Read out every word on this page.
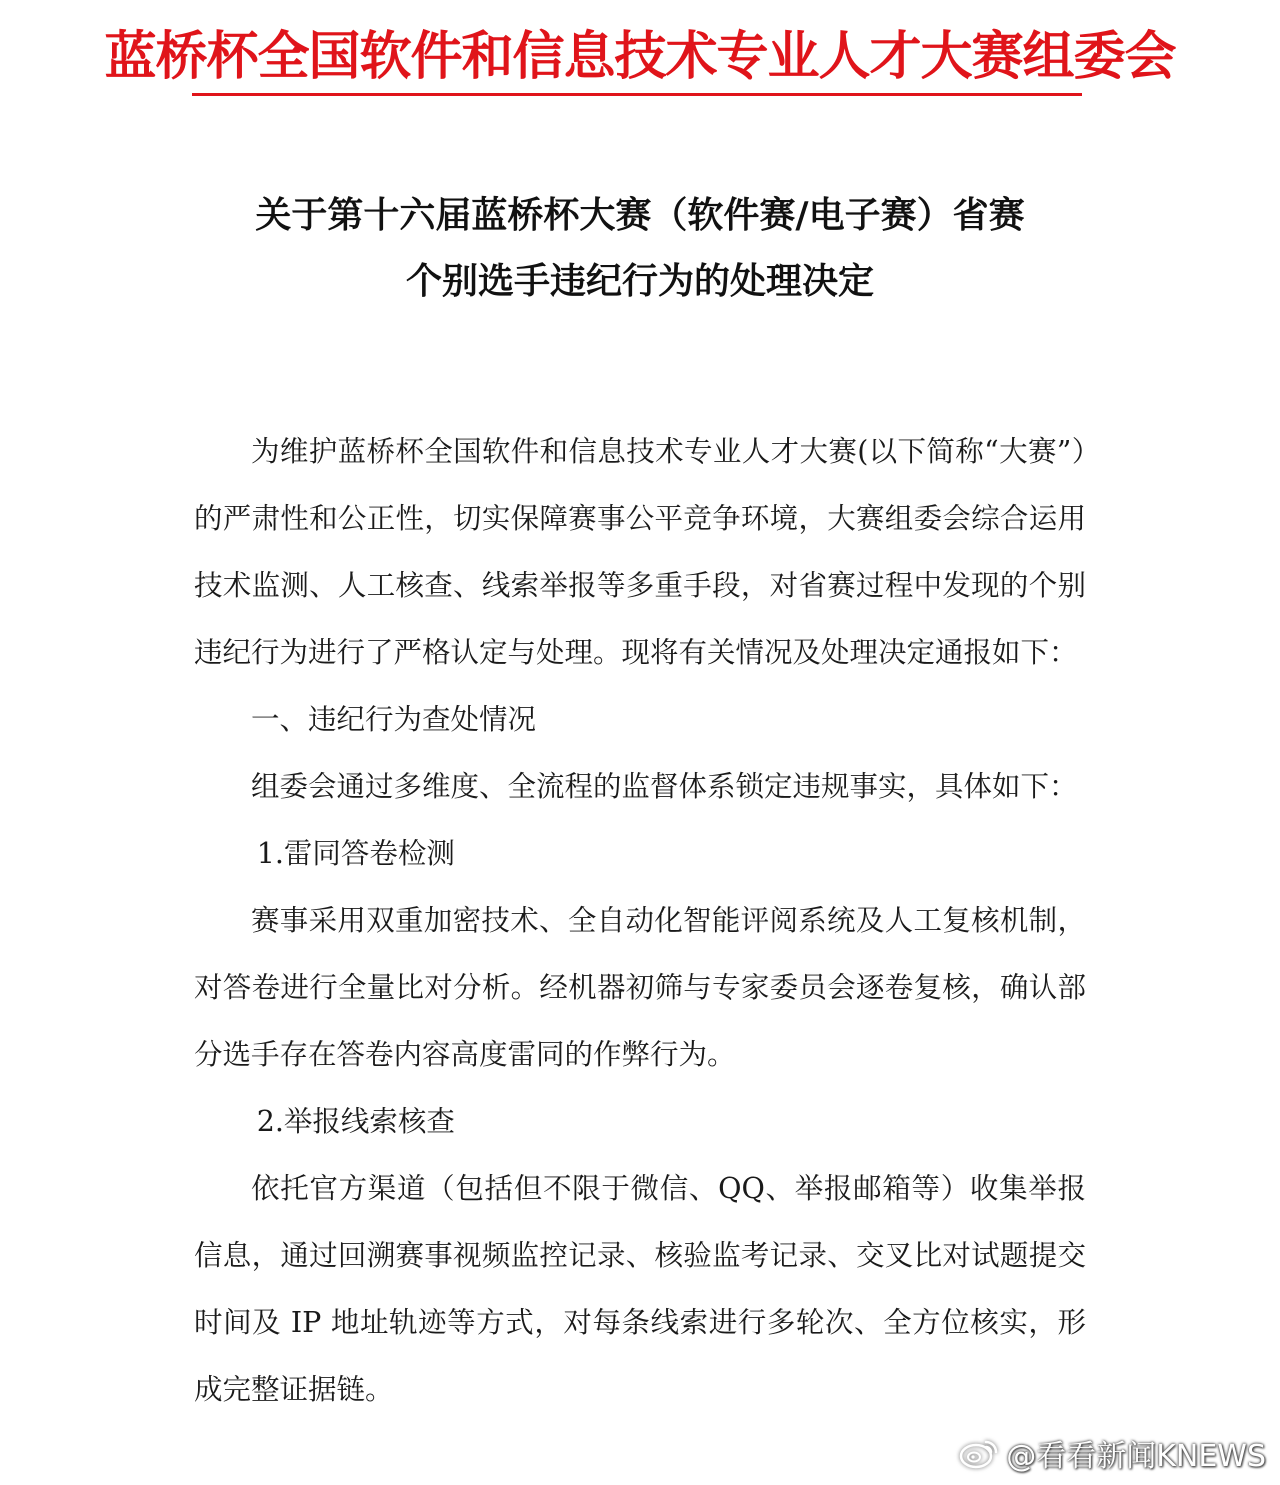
蓝桥杯全国软件和信息技术专业人才大赛组委会
关于第十六届蓝桥杯大赛（软件赛/电子赛）省赛
个别选手违纪行为的处理决定

为维护蓝桥杯全国软件和信息技术专业人才大赛(以下简称“大赛”）的严肃性和公正性，切实保障赛事公平竞争环境，大赛组委会综合运用技术监测、人工核查、线索举报等多重手段，对省赛过程中发现的个别违纪行为进行了严格认定与处理。现将有关情况及处理决定通报如下：

一、违纪行为查处情况

组委会通过多维度、全流程的监督体系锁定违规事实，具体如下：

1.雷同答卷检测

赛事采用双重加密技术、全自动化智能评阅系统及人工复核机制，对答卷进行全量比对分析。经机器初筛与专家委员会逐卷复核，确认部分选手存在答卷内容高度雷同的作弊行为。

2.举报线索核查

依托官方渠道（包括但不限于微信、QQ、举报邮箱等）收集举报信息，通过回溯赛事视频监控记录、核验监考记录、交叉比对试题提交时间及 IP 地址轨迹等方式，对每条线索进行多轮次、全方位核实，形成完整证据链。

@看看新闻KNEWS
